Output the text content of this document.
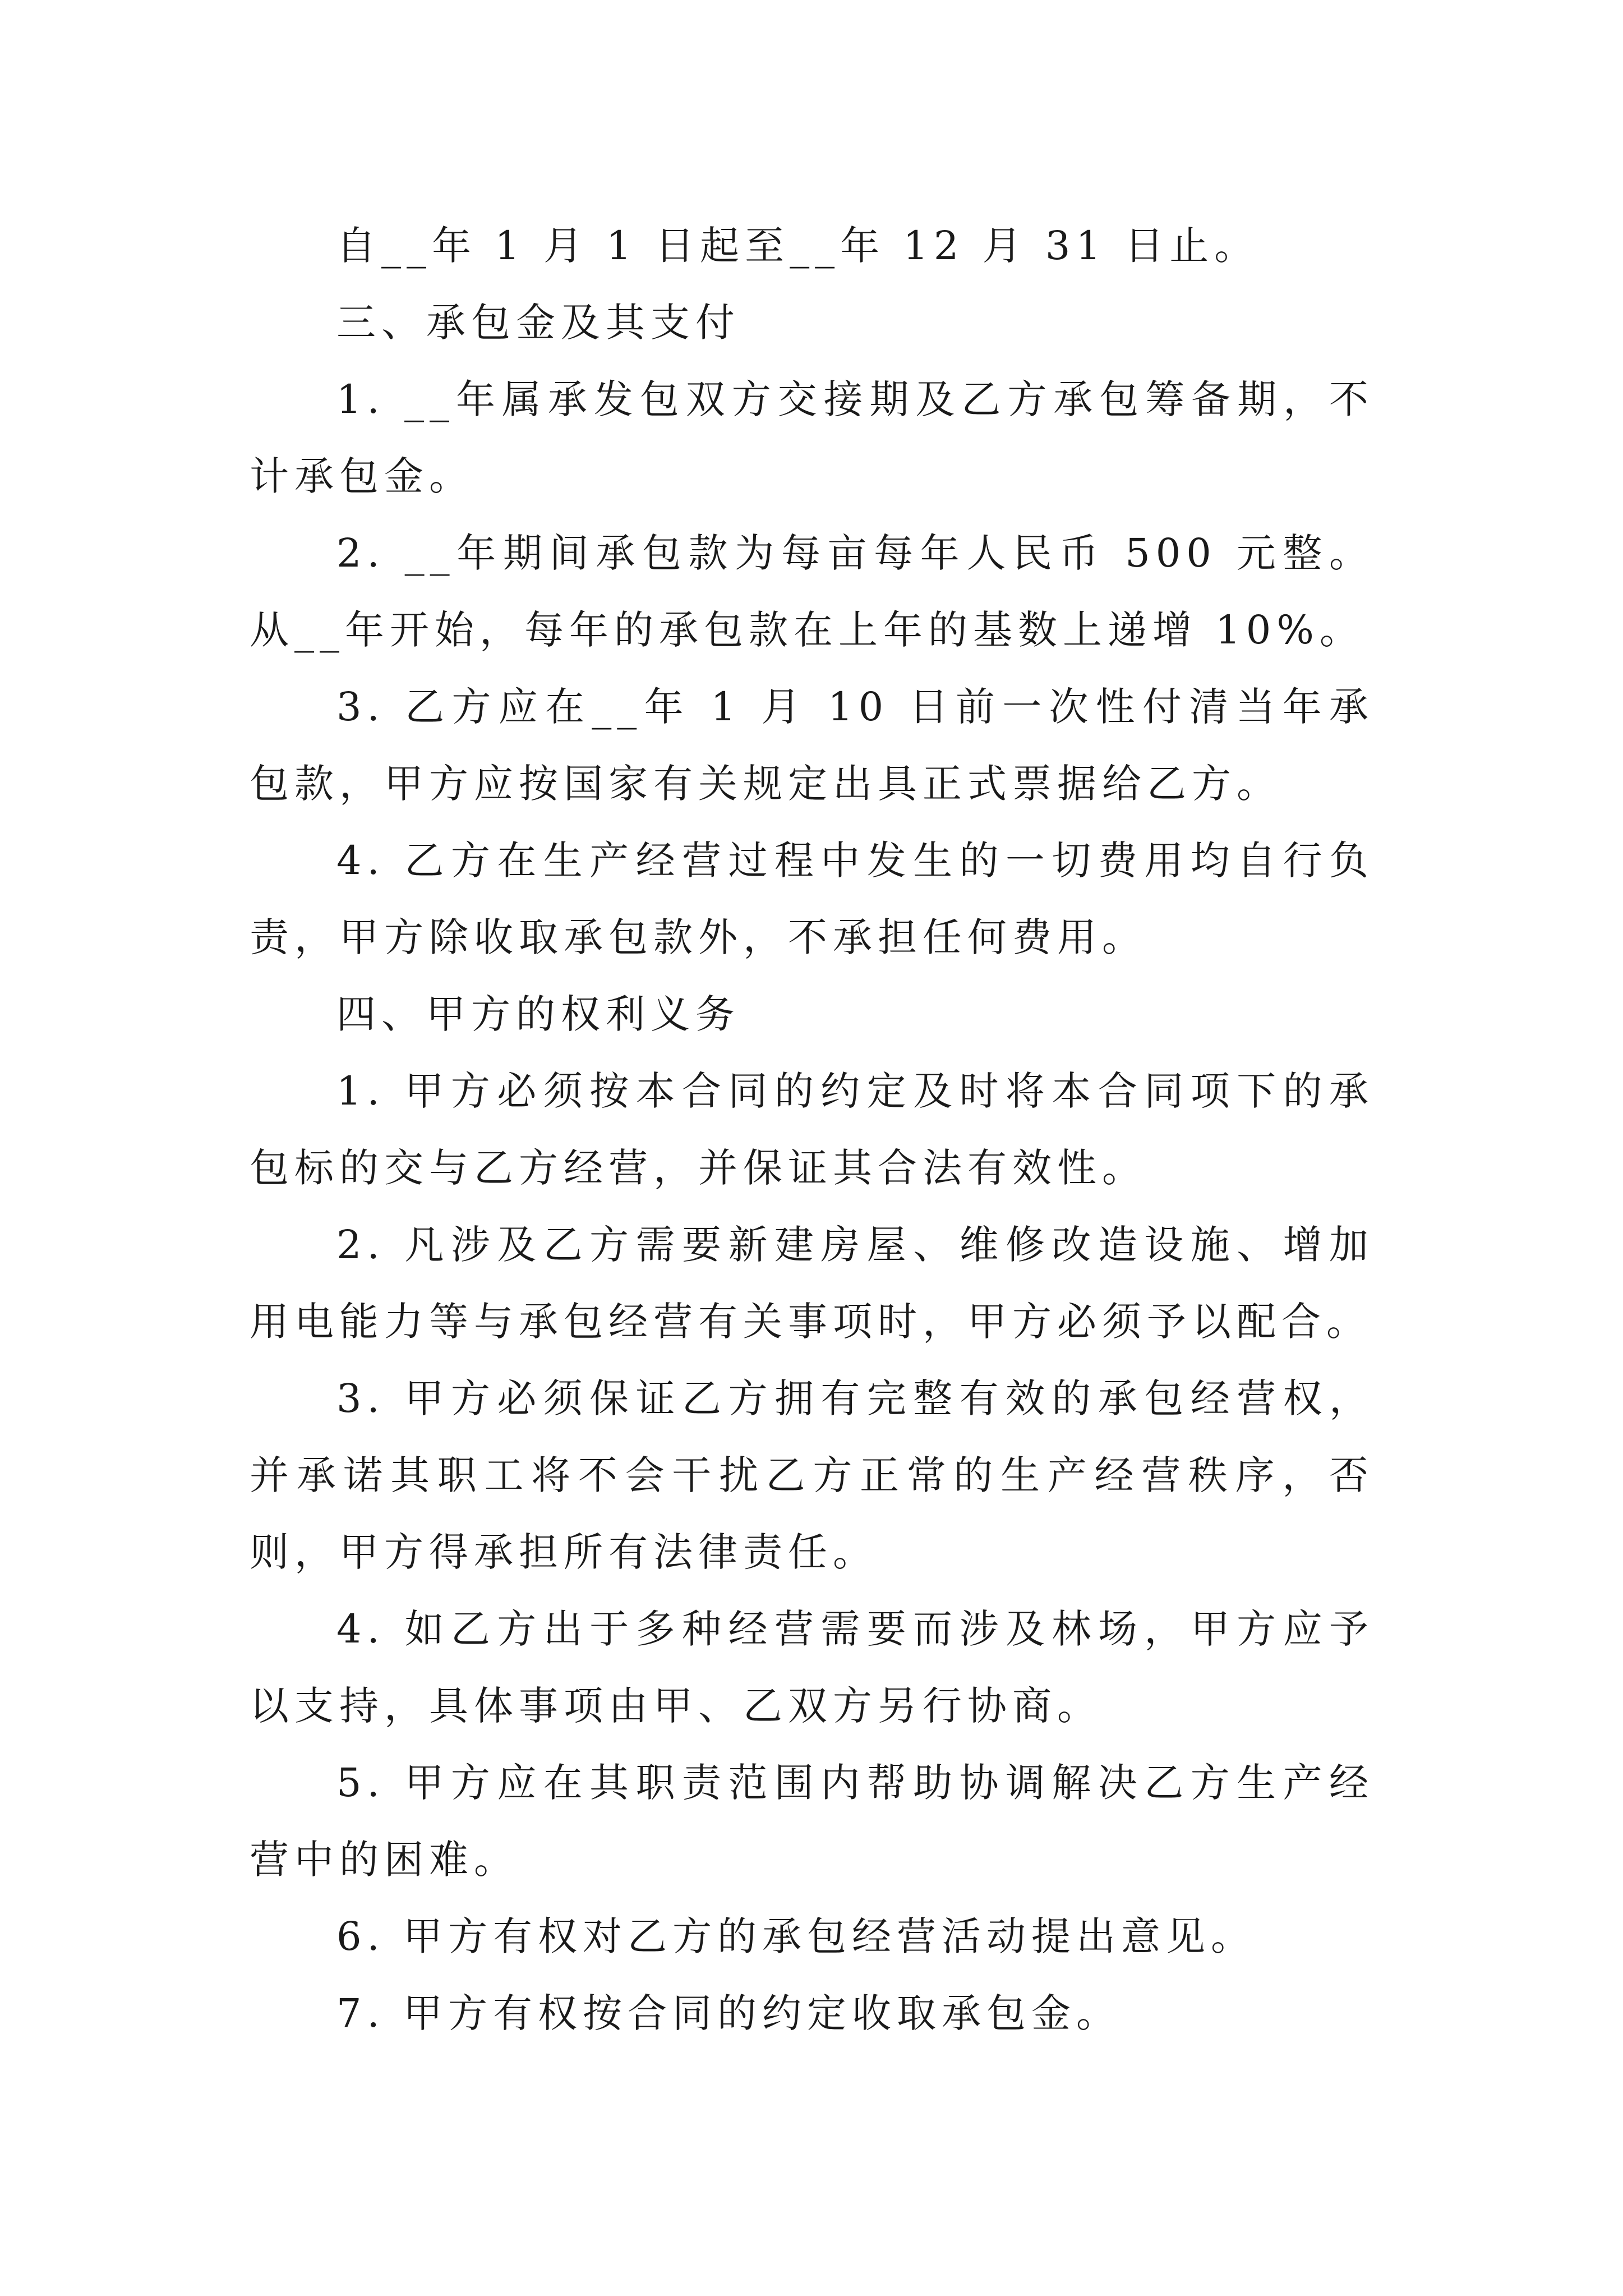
自__年 1 月 1 日起至__年 12 月 31 日止。

三、承包金及其支付

1. __年属承发包双方交接期及乙方承包筹备期，不计承包金。

2. __年期间承包款为每亩每年人民币 500 元整。从__年开始，每年的承包款在上年的基数上递增 10%。

3. 乙方应在__年 1 月 10 日前一次性付清当年承包款，甲方应按国家有关规定出具正式票据给乙方。

4. 乙方在生产经营过程中发生的一切费用均自行负责，甲方除收取承包款外，不承担任何费用。

四、甲方的权利义务

1. 甲方必须按本合同的约定及时将本合同项下的承包标的交与乙方经营，并保证其合法有效性。

2. 凡涉及乙方需要新建房屋、维修改造设施、增加用电能力等与承包经营有关事项时，甲方必须予以配合。

3. 甲方必须保证乙方拥有完整有效的承包经营权，并承诺其职工将不会干扰乙方正常的生产经营秩序，否则，甲方得承担所有法律责任。

4. 如乙方出于多种经营需要而涉及林场，甲方应予以支持，具体事项由甲、乙双方另行协商。

5. 甲方应在其职责范围内帮助协调解决乙方生产经营中的困难。

6. 甲方有权对乙方的承包经营活动提出意见。

7. 甲方有权按合同的约定收取承包金。
